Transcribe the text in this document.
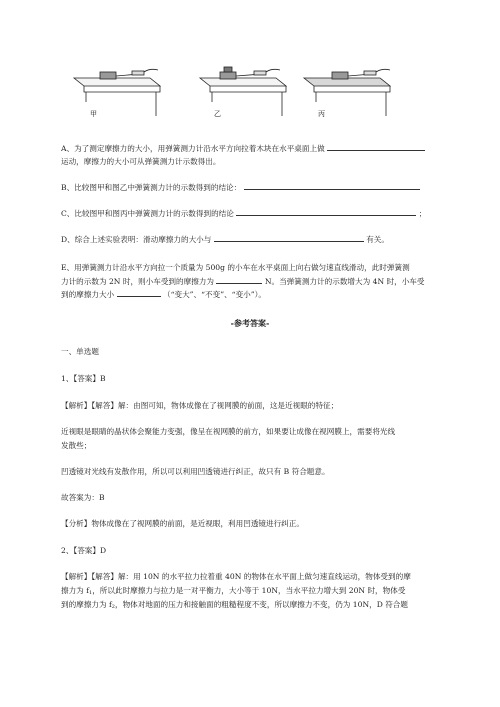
甲	乙	丙
A、为了测定摩擦力的大小，用弹簧测力计沿水平方向拉着木块在水平桌面上做
运动，摩擦力的大小可从弹簧测力计示数得出。
B、比较图甲和图乙中弹簧测力计的示数得到的结论：
C、比较图甲和图丙中弹簧测力计的示数得到的结论	；
D、综合上述实验表明：滑动摩擦力的大小与	有关。
E、用弹簧测力计沿水平方向拉一个质量为 500g 的小车在水平桌面上向右做匀速直线滑动，此时弹簧测
力计的示数为 2N 时，则小车受到的摩擦力为	N。当弹簧测力计的示数增大为 4N 时，小车受
到的摩擦力大小	（“变大”、“不变”、“变小”）。
-参考答案-
一、单选题
1、【答案】B
【解析】【解答】解：由图可知，物体成像在了视网膜的前面，这是近视眼的特征；
近视眼是眼睛的晶状体会聚能力变强，像呈在视网膜的前方，如果要让成像在视网膜上，需要将光线
发散些；
凹透镜对光线有发散作用，所以可以利用凹透镜进行纠正，故只有 B 符合题意。
故答案为：B
【分析】物体成像在了视网膜的前面，是近视眼，利用凹透镜进行纠正。
2、【答案】D
【解析】【解答】解：用 10N 的水平拉力拉着重 40N 的物体在水平面上做匀速直线运动，物体受到的摩
擦力为 $f_1$，所以此时摩擦力与拉力是一对平衡力，大小等于 10N，当水平拉力增大到 20N 时，物体受
到的摩擦力为 $f_2$，物体对地面的压力和接触面的粗糙程度不变，所以摩擦力不变，仍为 10N，D 符合题
